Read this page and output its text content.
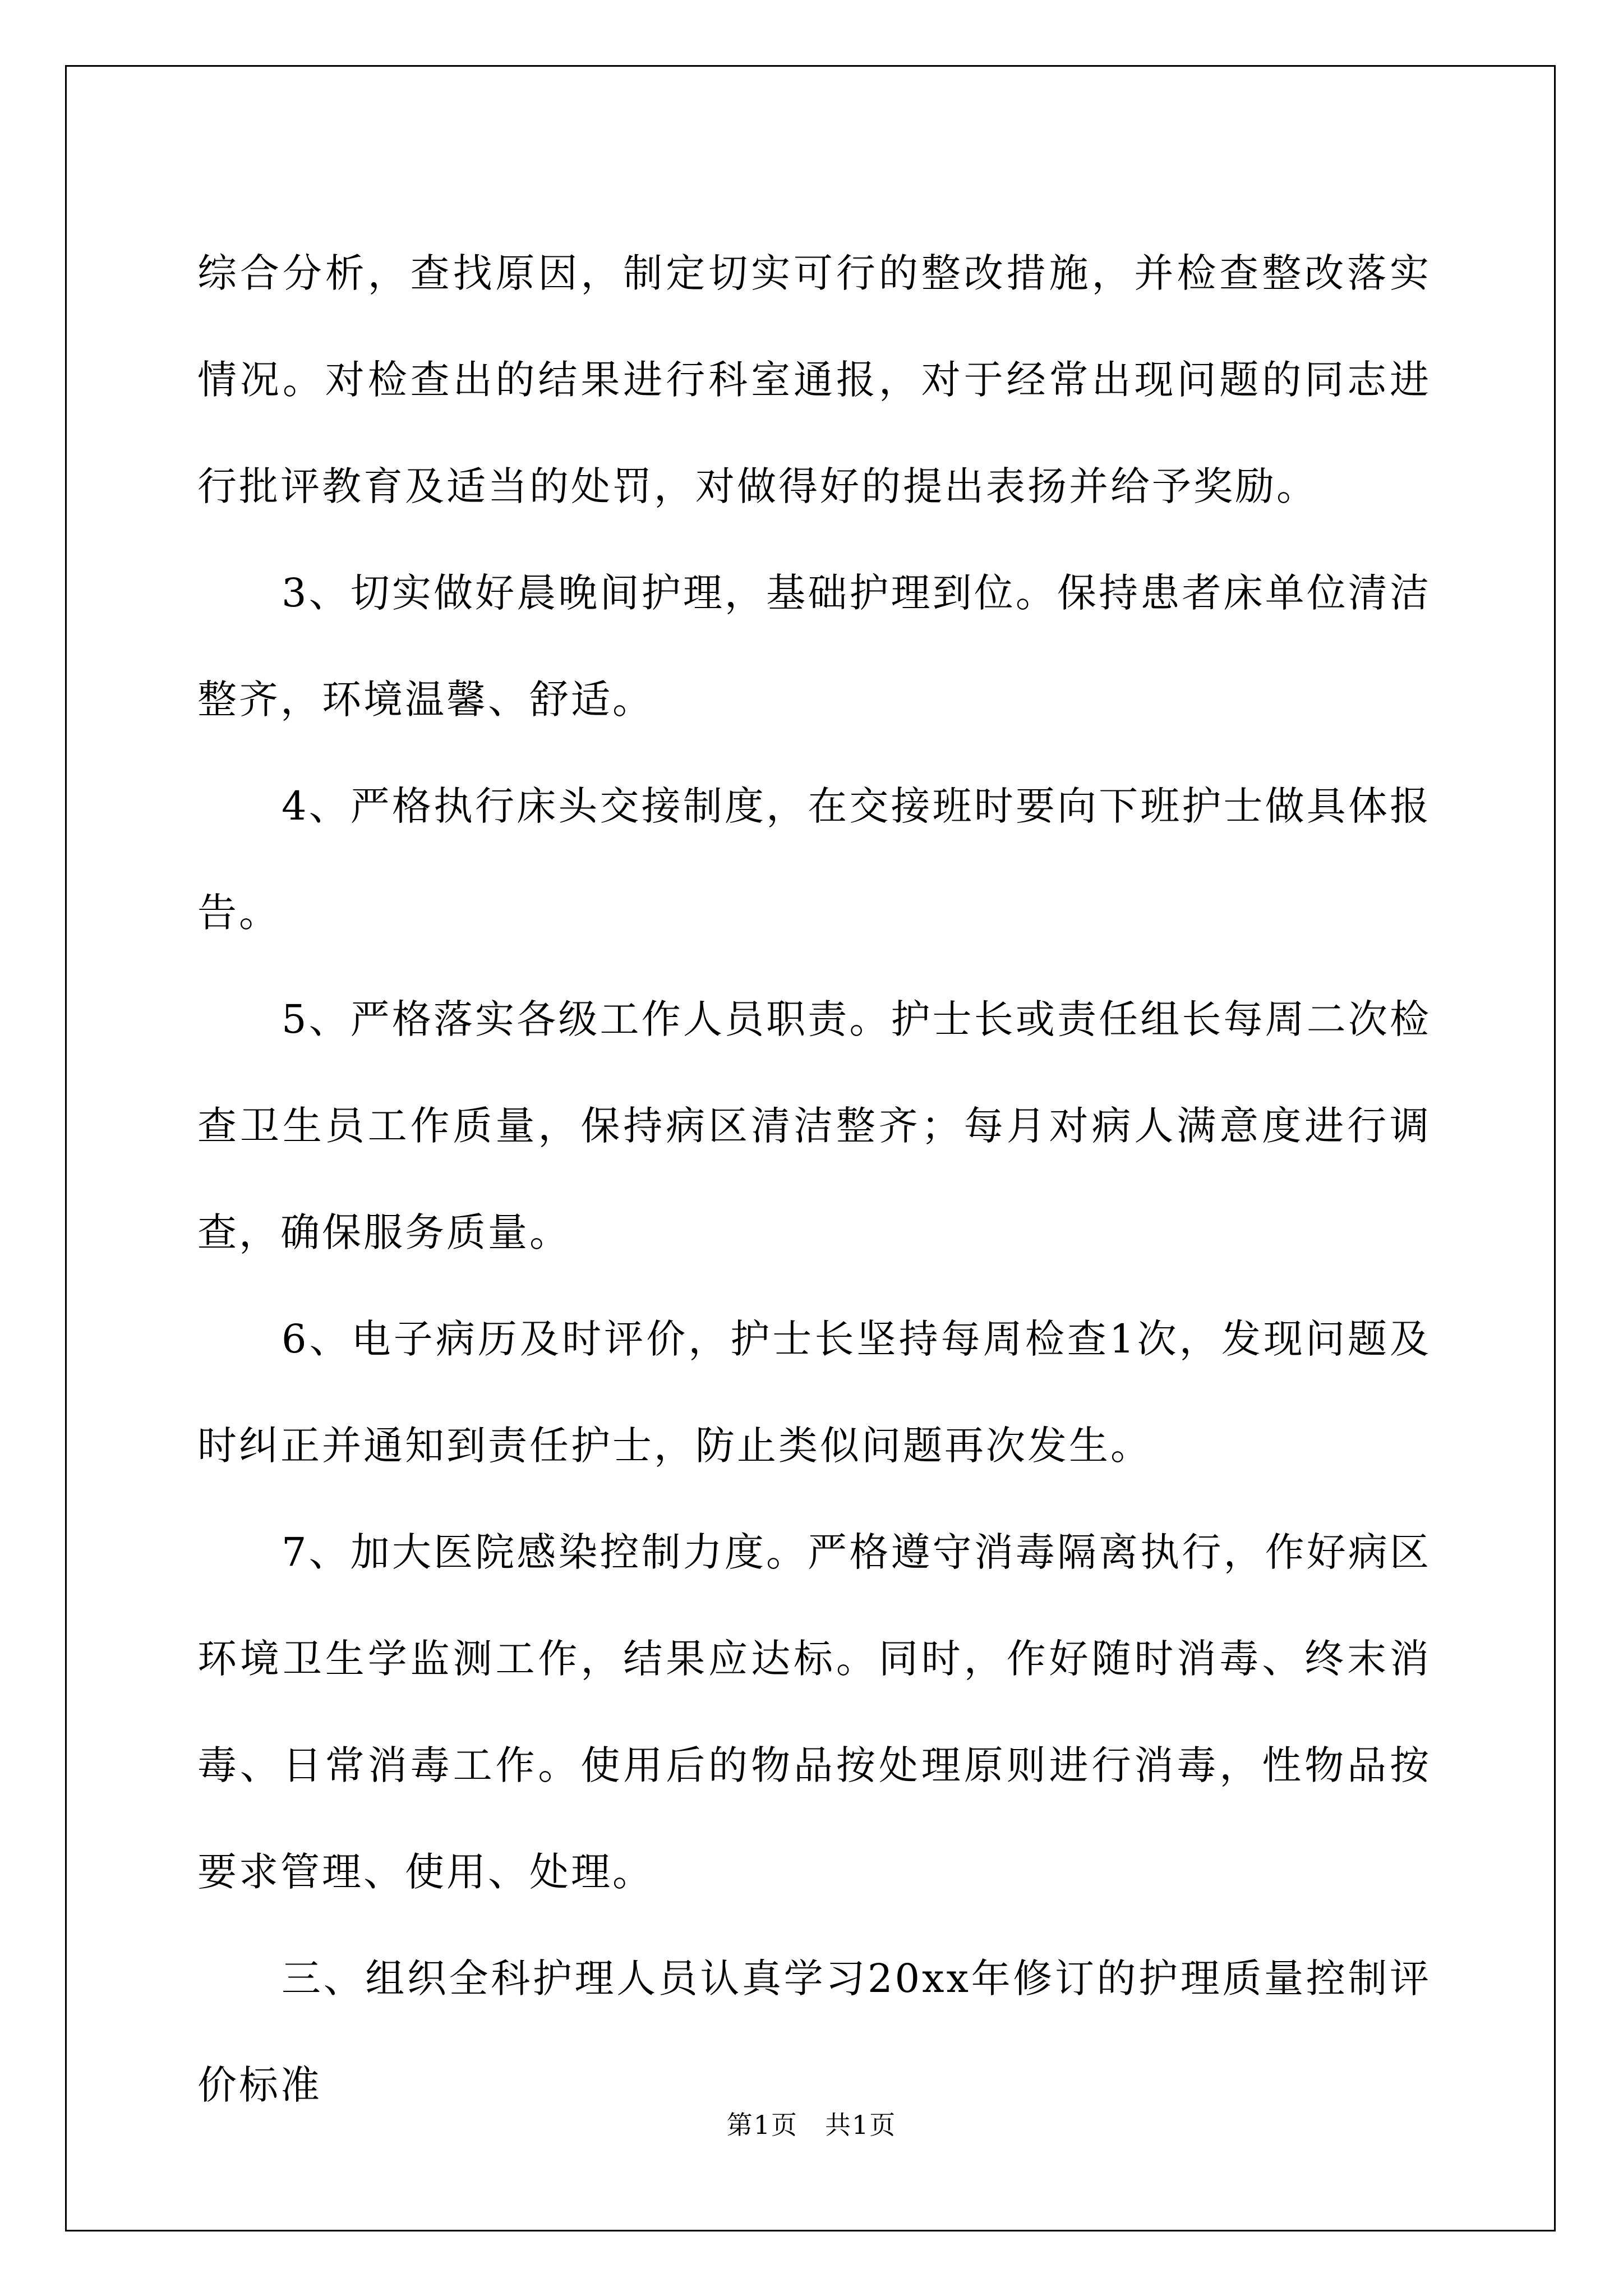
综合分析，查找原因，制定切实可行的整改措施，并检查整改落实情况。对检查出的结果进行科室通报，对于经常出现问题的同志进行批评教育及适当的处罚，对做得好的提出表扬并给予奖励。

3、切实做好晨晚间护理，基础护理到位。保持患者床单位清洁整齐，环境温馨、舒适。

4、严格执行床头交接制度，在交接班时要向下班护士做具体报告。

5、严格落实各级工作人员职责。护士长或责任组长每周二次检查卫生员工作质量，保持病区清洁整齐；每月对病人满意度进行调查，确保服务质量。

6、电子病历及时评价，护士长坚持每周检查1次，发现问题及时纠正并通知到责任护士，防止类似问题再次发生。

7、加大医院感染控制力度。严格遵守消毒隔离执行，作好病区环境卫生学监测工作，结果应达标。同时，作好随时消毒、终末消毒、日常消毒工作。使用后的物品按处理原则进行消毒，性物品按要求管理、使用、处理。

三、组织全科护理人员认真学习20xx年修订的护理质量控制评价标准

第1页　共1页
